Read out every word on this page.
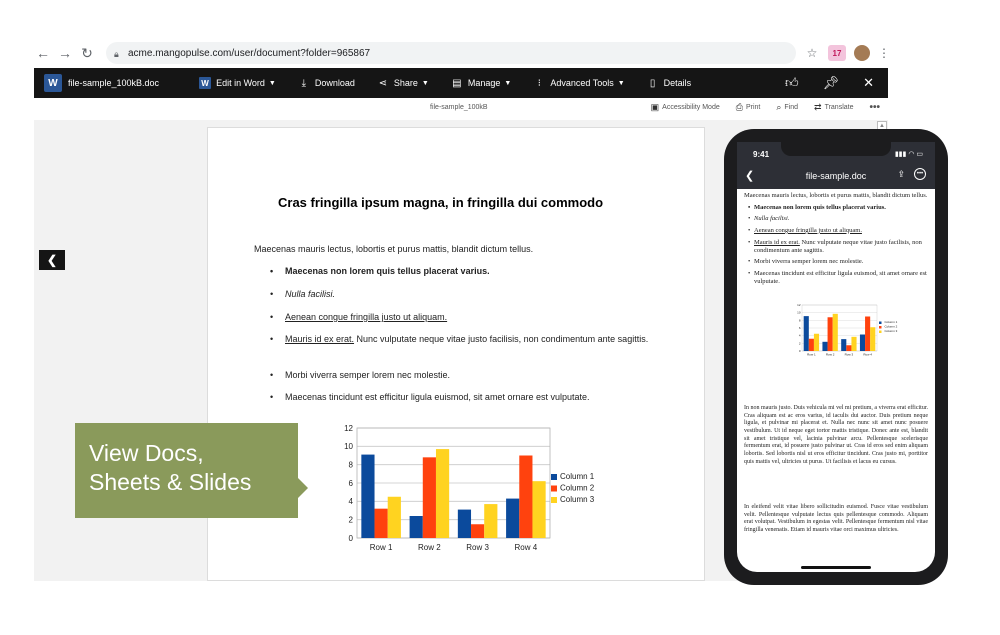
← → ↻	🔒︎ acme.mangopulse.com/user/document?folder=965867	☆	17	⋮
W	file-sample_100kB.doc	W Edit in Word ▼	⤓ Download ⋖ Share ▼ ▤ Manage ▼	⁝	Advanced Tools ▼	▯ Details	👍︎ 📌︎ ✕
file-sample_100kB	▣ Accessibility Mode ⎙ Print ⌕ Find ⇄ Translate •••
▲
❮
Cras fringilla ipsum magna, in fringilla dui commodo
Maecenas mauris lectus, lobortis et purus mattis, blandit dictum tellus.
• Maecenas non lorem quis tellus placerat varius.
• Nulla facilisi.
• Aenean congue fringilla justo ut aliquam.
• Mauris id ex erat. Nunc vulputate neque vitae justo facilisis, non condimentum ante sagittis.
• Morbi viverra semper lorem nec molestie.
• Maecenas tincidunt est efficitur ligula euismod, sit amet ornare est vulputate.
0
2
4
6
8
10
12
Row 1	Row 2	Row 3	Row 4
Column 1
Column 2
Column 3
View Docs,
Sheets & Slides
9:41	▮▮▮ ◠ ▭
❮	file-sample.doc	⇪	•••
Maecenas mauris lectus, lobortis et purus mattis, blandit dictum tellus.
• Maecenas non lorem quis tellus placerat varius.
• Nulla facilisi.
• Aenean congue fringilla justo ut aliquam.
• Mauris id ex erat. Nunc vulputate neque vitae justo facilisis, non condimentum ante sagittis.
• Morbi viverra semper lorem nec molestie.
• Maecenas tincidunt est efficitur ligula euismod, sit amet ornare est vulputate.
0
2
4
6
8
10
12
Row 1	Row 2	Row 3	Row 4
Column 1
Column 2
Column 3
In non mauris justo. Duis vehicula mi vel mi pretium, a viverra erat efficitur. Cras aliquam est ac eros varius, id iaculis dui auctor. Duis pretium neque ligula, et pulvinar mi placerat et. Nulla nec nunc sit amet nunc posuere vestibulum. Ut id neque eget tortor mattis tristique. Donec ante est, blandit sit amet tristique vel, lacinia pulvinar arcu. Pellentesque scelerisque fermentum erat, id posuere justo pulvinar ut. Cras id eros sed enim aliquam lobortis. Sed lobortis nisl ut eros efficitur tincidunt. Cras justo mi, porttitor quis mattis vel, ultricies ut purus. Ut facilisis et lacus eu cursus.
In eleifend velit vitae libero sollicitudin euismod. Fusce vitae vestibulum velit. Pellentesque vulputate lectus quis pellentesque commodo. Aliquam erat volutpat. Vestibulum in egestas velit. Pellentesque fermentum nisl vitae fringilla venenatis. Etiam id mauris vitae orci maximus ultricies.
